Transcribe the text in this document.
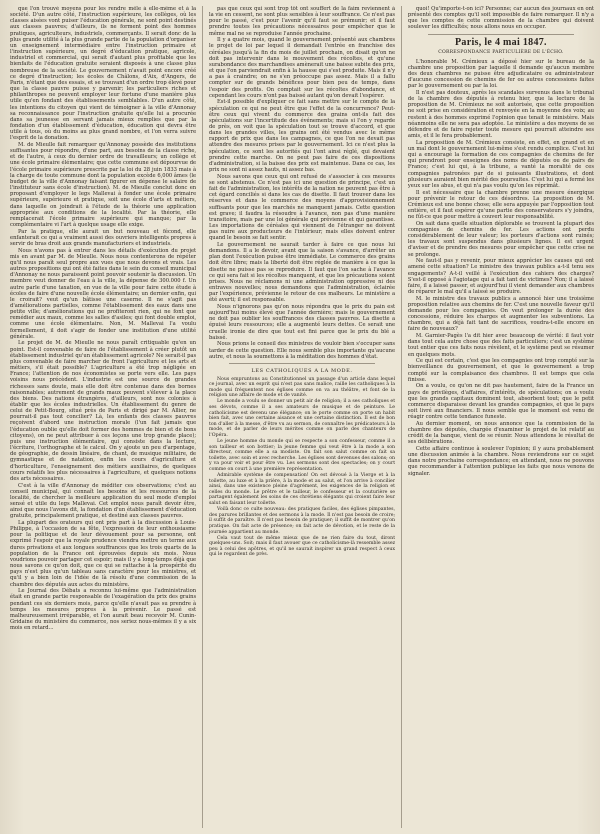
que l'on trouvé moyens pour les rendre mêle à elle-même et à la société. D'un autre côté, l'instruction supérieure, les collèges, où les classes aisées vont puiser l'éducation générale, ne sont point destinés aux classes pauvres; d'ailleurs, ils ne forment point des hommes pratiques, agriculteurs, industriels, commerçants. Il serait donc de la plus grande utilité à la plus grande partie de la population d'organiser un enseignement intermédiaire entre l'instruction primaire et l'instruction supérieure, un degré d'éducation pratique, agricole, industriel et commercial, qui serait d'autant plus profitable que les bienfaits de l'éducation gratuite seraient disposés à une classe plus nombreuse de la société. Le gouvernement n'avait point encore créé ce degré d'instruction; les écoles de Châlons, d'Aix, d'Angers, de Paris, n'étant que des essais, et se trouvant d'un ordre trop élevé pour que la classe pauvre puisse y parvenir; les particuliers riches et philanthropes ne peuvent employer leur fortune d'une manière plus utile qu'en fondant des établissements semblables. D'un autre côté, les intentions du citoyen qui vient de témoigner à la ville d'Annonay sa reconnaissance pour l'instruction gratuite qu'elle lui a procurée dans sa jeunesse en servant jamais mieux remplies que par la fondation d'un établissement d'éducation, éducation qui devra être utile à tous, où du moins au plus grand nombre, et l'on verra suivre l'esprit de la donation.

M. de Mieulle fait remarquer qu'Annonay possède des institutions suffisantes pour répondre, d'une part, aux besoins de la classe riche, et de l'autre, à ceux du dernier ordre de travailleurs; un collège et une école primaire élémentaire; que cette commune est dépourvue de l'école primaire supérieure prescrite par la loi du 28 juin 1833 mais à la charge de toute commune dont la population excède 6,000 âmes (le budget de la ville d'Annonay faisant figurer en dépense le salaire de l'instituteur sans école d'instruction). M. de Mieulle conclut donc en proposant d'employer le legs Mallevai à fonder une école primaire supérieure, supérieure et pratique, soit une école d'arts et métiers, dans laquelle on joindrait à l'étude de la théorie une application appropriée aux conditions de la localité. Par la théorie, elle remplacerait l'école primaire supérieure qui manque; par la complémentaire vi l'art à quelque usage elle exige.

Par la pratique, elle aurait un but nouveau et fécond, elle enfanterait ce qui a vraiment aussi des ouvriers intelligents propres à servir de bras droit aux grands manufacturiers et industriels.

Nous n'avons pas à entrer dans les détails d'exécution du projet mis en avant par M. de Mieulle. Nous nous contenterons de répéter qu'il nous paraît seul propre aux vues que nous devons et vrais. Les autres propositions qui ont été faites dans le sein du conseil municipal d'Annonay ne nous paraissent point pouvoir soutenir la discussion. Un membre veut donner de l'eau à la ville, la dépense de 300.000 f. Un autre parle d'une taxation, en vue de la ville pour faire cette étude à écoles de faire d'une nouvelle école élémentaire; un dernier enfin, qui le croirait? veut qu'un bâtisse une caserne. Il ne s'agit pas d'améliorations partielles, comme l'établissement des eaux dans une petite ville; d'améliorations qui ne profiteront rien, qui ne font que remédier aux maux, comme les salles d'asiles; qui font double emploi, comme une école élémentaire. Non, M. Mallevai l'a voulu formellement, il doit s'agir de fonder une institution d'une utilité générale.

Le projet de M. de Mieulle ne nous paraît critiquable qu'en un point. Est-il convenable de faire de l'établissement à créer plutôt un établissement industriel qu'un établissement agricole? Ne serait-il pas plus convenable de faire marcher de front l'agriculture et les arts et métiers, s'il était possible? L'agriculture a été trop négligée en France; l'attention de nos économistes se porte vers elle. Les pays voisins nous précèdent. L'industrie est une source de grandes richesses sans doute, mais elle doit être contenue dans des bornes raisonnables; autrement de grands maux peuvent s'élever à la place des biens. Des nations étrangères, d'ailleurs, sont nos colonies à établir que les écoles industrielles. Un établissement du genre de celui de Petit-Bourg, situé près de Paris et dirigé par M. Allier, ne pourrait-il pas tout concilier? Là, les enfants des classes pauvres reçoivent d'abord une instruction morale (l'un fait jamais que l'éducation oublie qu'elle doit former des hommes de bien et de bons citoyens), on ne peut attribuer à ces leçons une trop grande place); puis une instruction élémentaire, qui consiste dans la lecture, l'écriture, l'orthographe et le calcul. On y ajoute un peu d'arpentage, de géographie, de dessin linéaire, de chant, de musique militaire, de gymnastique et de natation, enfin les cours d'agriculture et d'horticulture, l'enseignement des métiers auxiliaires, de quelques cours relatifs les plus nécessaires à l'agriculture, et quelques notions des arts nécessaires.

C'est à la ville d'Annonay de méditer ces observations; c'est au conseil municipal, qui connaît les besoins et les ressources de la localité, de chercher la meilleure application du seul mode d'emploi sensé et utile du legs Mallevai. Cet emploi nous paraît devoir être, ainsi que nous l'avons dit, la fondation d'un établissement d'éducation gratuite, principalement pratique, et destiné aux classes pauvres.

La plupart des orateurs qui ont pris part à la discussion à Louis-Philippe, à l'occasion de sa fête, l'expression de leur enthousiasme pour la politique et de leur dévouement pour sa personne, ont exprimé l'espoir que la royale prudence viendra mettre un terme aux dures privations et aux longues souffrances que les trois quarts de la population de la France ont éprouvées depuis six mois. Nous voudrions pouvoir partager cet espoir; mais il y a long-temps déjà que nous savons ce qu'on doit, que ce qui se rattache à la prospérité du pays n'est plus qu'un tableau sans caractère pour les ministres, et qu'il y a bien loin de l'idée de là résolu d'une commission de la chambre des députés aux actes du ministère.

Le Journal des Débats a reconnu lui-même que l'administration était en grande partie responsable de l'exagération du prix des grains pendant ces six derniers mois, parce qu'elle n'avait pas su prendre à temps les mesures propres à la prévenir. Le passé est malheureusement irréparable, et l'on aurait beau recevoir M. Cunin-Gridaine du ministère du commerce, nos seriez nous-mêmes il y a six mois en retard...

pas que ceux qui sont trop tôt ont souffert de la faim reviennent à la vie en cessent, ne sont plus sensibles à leur souffrance. Ce n'est pas pour le passé, c'est pour l'avenir qu'il faut se prémunir; et il faut prendre toutes les précautions nécessaires pour empêcher que le même mal ne se reproduise l'année prochaine.

Il y a quatre mois, quand le gouvernement présenté aux chambres le projet de loi par lequel il demandait l'entrée en franchise des céréales jusqu'à la fin du mois de juillet prochain, on disait qu'on ne doit pas intervenir dans le mouvement des récoltes, et qu'une surabondance des marchandises amènerait une baisse subite des prix, et que l'on parviendrait enfin à la hausse qui s'est produite. Mais il n'y a pas à craindre; on ne s'en préoccupe pas assez. Mais il a fallu compter sur de grands bénéfices pour bien peu de temps, dans l'espoir des profits. On comptait sur les récoltes d'abondance, et cependant les cours n'ont pas baissé autant qu'on devait l'espérer.

Est-il possible d'expliquer ce fait sans mettre sur le compte de la spéculation ce qui ne peut être que l'effet de la concurrence? Peut-être ceux qui vivent du commerce des grains ont-ils fait des spéculations sur l'incertitude des événements; mais si l'on y regarde de près, on voit que la spéculation tout se trouve d'accord, et que dans les grandes villes, les grains ont été vendus avec le même rapport de prix que dans les campagnes, ce que l'on ne devait pas attendre des mesures prises par le gouvernement. Ici ce n'est plus la spéculation, ce sont les autorités qui l'ont ainsi réglé, qui devaient prendre cette marche. On ne peut pas faire de ces dispositions d'administration, si la baisse des prix est maintenue. Dans ce cas, les prix ne sont ni assez hauts, ni assez bas.

Nous savons que ceux qui ont refusé de s'associer à ces mesures se sont abstenus. Ce n'est pas ici une question de principe, c'est un fait de l'administration, les intérêts de la nation ne peuvent pas être à cet égard conciliés si dans les cas de disette. Il faut trouver dans les réserves et dans le commerce des moyens d'approvisionnement suffisants pour que les marchés ne manquent jamais. Cette question est grave; il faudra la résoudre à l'avance, non pas d'une manière transitoire, mais par une loi générale qui prévienne et qui garantisse. Les importations de céréales qui viennent de l'étranger ne doivent pas nuire aux producteurs de l'intérieur; mais elles doivent entrer quand le besoin se fait sentir.

Le gouvernement ne saurait tarder à faire ce que nous lui demandons. Il a le devoir, avant que la saison s'avance, d'arrêter un plan dont l'exécution puisse être immédiate. Le commerce des grains doit être libre; mais la liberté doit être réglée de manière à ce que la disette ne puisse pas se reproduire. Il faut que l'on sache à l'avance ce qui sera fait si les récoltes manquent, et que les précautions soient prises. Nous ne réclamons ni une administration oppressive ni des entraves nouvelles; nous demandons que l'administration, éclairée par l'expérience, prévienne le retour de ces malheurs. Le ministère a été averti; il est responsable.

Nous n'ignorons pas qu'on nous répondra que le prix du pain est aujourd'hui moins élevé que l'année dernière; mais le gouvernement ne doit pas oublier les souffrances des classes pauvres. La disette a épuisé leurs ressources; elle a augmenté leurs dettes. Ce serait une cruelle ironie de dire que tout est fini parce que le prix du blé a baissé.

Nous prions le conseil des ministres de vouloir bien s'occuper sans tarder de cette question. Elle nous semble plus importante qu'aucune autre, et nous la soumettons à la méditation des hommes d'état.

LES CATHOLIQUES A LA MODE.

Nous empruntons au Constitutionnel un passage d'un article dans lequel ce journal, avec un esprit qui n'est pas sans malice, raille les catholiques à la mode qui fréquentent nos églises comme on va au théâtre, et font de la religion une affaire de mode et de vanité.

Le monde a voulu se donner un petit air de religion; il a ses catholiques et ses dévots, comme il a ses amateurs de musique et de peinture. Le catholicisme est devenu une élégance; on le porte comme on porte un habit bien fait, avec une certaine aisance et une certaine distinction. Il est de bon ton d'aller à la messe, d'être vu au sermon, de connaître les prédicateurs à la mode, et de parler de leurs mérites comme on parle des chanteurs de l'Opéra.

Le jeune homme du monde qui se respecte a son confesseur, comme il a son tailleur et son bottier; la jeune femme qui veut être à la mode a son directeur, comme elle a sa modiste. On fait son salut comme on fait sa toilette, avec soin et avec recherche. Les églises sont devenues des salons; on y va pour voir et pour être vu. Les sermons sont des spectacles; on y court comme on court à une première représentation.

Admirable système de compensation! On est dévoué à la Vierge et à la toilette, au luxe et à la prière, à la mode et au salut, et l'on arrive à concilier ainsi, dans une existence pleine d'agrément, les exigences de la religion et celles du monde. Le prêtre et le tailleur, le confesseur et la couturière se partagent également les soins de ces chrétiens élégants qui croient faire leur salut en faisant leur toilette.

Voilà donc ce culte nouveau: des pratiques faciles, des églises pimpantes, des parures brillantes et des sermons à la mode. Il n'est pas besoin de croire; il suffit de paraître. Il n'est pas besoin de pratiquer; il suffit de montrer qu'on pratique. On fait acte de présence; on fait acte de dévotion, et le reste de la journée appartient au monde.

Cela vaut tout de même mieux que de ne rien faire du tout, diront quelques-uns. Soit; mais il faut avouer que ce catholicisme-là ressemble assez peu à celui des apôtres, et qu'il ne saurait inspirer un grand respect à ceux qui le regardent de près.

quoi! Qu'importe-t-on ici? Personne; car aucun des journaux en ont présenté des comptes qu'il soit impossible de faire remarquer. Il n'y a que les comptes de cette commission de la chambre qui doivent soulever les difficultés; nous allons nous en occuper.

Paris, le 4 mai 1847.
CORRESPONDANCE PARTICULIÈRE DE L'ÉCHO.

L'honorable M. Crémieux a déposé hier sur le bureau de la chambre une proposition par laquelle il demande qu'aucun membre des deux chambres ne puisse être adjudicataire ou administrateur d'aucune concession de chemins de fer ou autres concessions faites par le gouvernement ou par la loi.

Il n'est pas douteux, après les scandales survenus dans le tribunal de la chambre des députés à retenu hier, que la lecture de la proposition de M. Crémieux ne soit autorisée, que cette proposition ne soit prise en considération et renvoyée en la moyenne des voix; au restent à des hommes exprimé l'opinion que tenait le ministère. Mais néanmoins elle ne sera pas adoptée. Le ministère a des moyens de se défendre et de faire rejeter toute mesure qui pourrait atteindre ses amis, et il le fera probablement.

La proposition de M. Crémieux consiste, en effet, en grand et en un mal dont le gouvernement lui-même s'est rendu complice. C'est lui qui a encouragé la formation de ces compagnies de chemins de fer qui prendront pour enseignes des noms de députés ou de pairs de France; c'est lui qui, à la tribune, a vanté la moralité de ces compagnies patronées par de si puissants illustrations, et dont plusieurs auraient bien mérité des poursuites. C'est lui qui a fermé les yeux sur les abus, et qui n'a pas voulu qu'on les réprimât.

Il est nécessaire que la chambre prenne une mesure énergique pour prévenir le retour de ces désordres. La proposition de M. Crémieux est une bonne chose; elle sera appuyée par l'opposition tout entière, et il faut espérer qu'une partie des conservateurs s'y joindra, ne fût-ce que pour mettre à couvert leur responsabilité.

On sait dans quelle situation déplorable se trouvent la plupart des compagnies de chemins de fer. Les actions ont perdu considérablement de leur valeur; les porteurs d'actions sont ruinés; les travaux sont suspendus dans plusieurs lignes. Il est urgent d'aviser et de prendre des mesures pour empêcher que cette crise ne se prolonge.

Ne faut-il pas y revenir, pour mieux apprécier les causes qui ont amené cette situation? Le ministre des travaux publics a-t-il tenu ses engagements? A-t-il veillé à l'exécution des cahiers des charges? S'est-il opposé à l'agiotage qui a fait tant de victimes? Non; il a laissé faire, il a laissé passer, et aujourd'hui il vient demander aux chambres de réparer le mal qu'il a laissé se produire.

M. le ministre des travaux publics a annoncé hier une troisième proposition relative aux chemins de fer. C'est une nouvelle faveur qu'il demande pour les compagnies. On veut prolonger la durée des concessions, réduire les charges et augmenter les subventions. La chambre, qui a déjà fait tant de sacrifices, voudra-t-elle encore en faire de nouveaux?

M. Garnier-Pagès l'a dit hier avec beaucoup de vérité: il faut voir dans tout cela autre chose que des faits particuliers; c'est un système tout entier que ces faits nous révèlent, et le système peut se résumer en quelques mots.

Ce qui est certain, c'est que les compagnies ont trop compté sur la bienveillance du gouvernement, et que le gouvernement a trop compté sur la complaisance des chambres. Il est temps que cela finisse.

On a voulu, ce qu'on ne dit pas hautement, faire de la France un pays de privilèges, d'affaires, d'intérêts, de spéculations; on a voulu que les grands capitaux dominent tout, absorbent tout; que le petit commerce disparaisse devant les grandes compagnies, et que le pays soit livré aux financiers. Il nous semble que le moment est venu de réagir contre cette tendance funeste.

Au dernier moment, on nous annonce que la commission de la chambre des députés, chargée d'examiner le projet de loi relatif au crédit de la banque, vient de se réunir. Nous attendons le résultat de ses délibérations.

Cette affaire continue à soulever l'opinion; il y aura probablement une discussion animée à la chambre. Nous reviendrons sur ce sujet dans notre prochaine correspondance; en attendant, nous ne pouvons que recommander à l'attention publique les faits que nous venons de signaler.
